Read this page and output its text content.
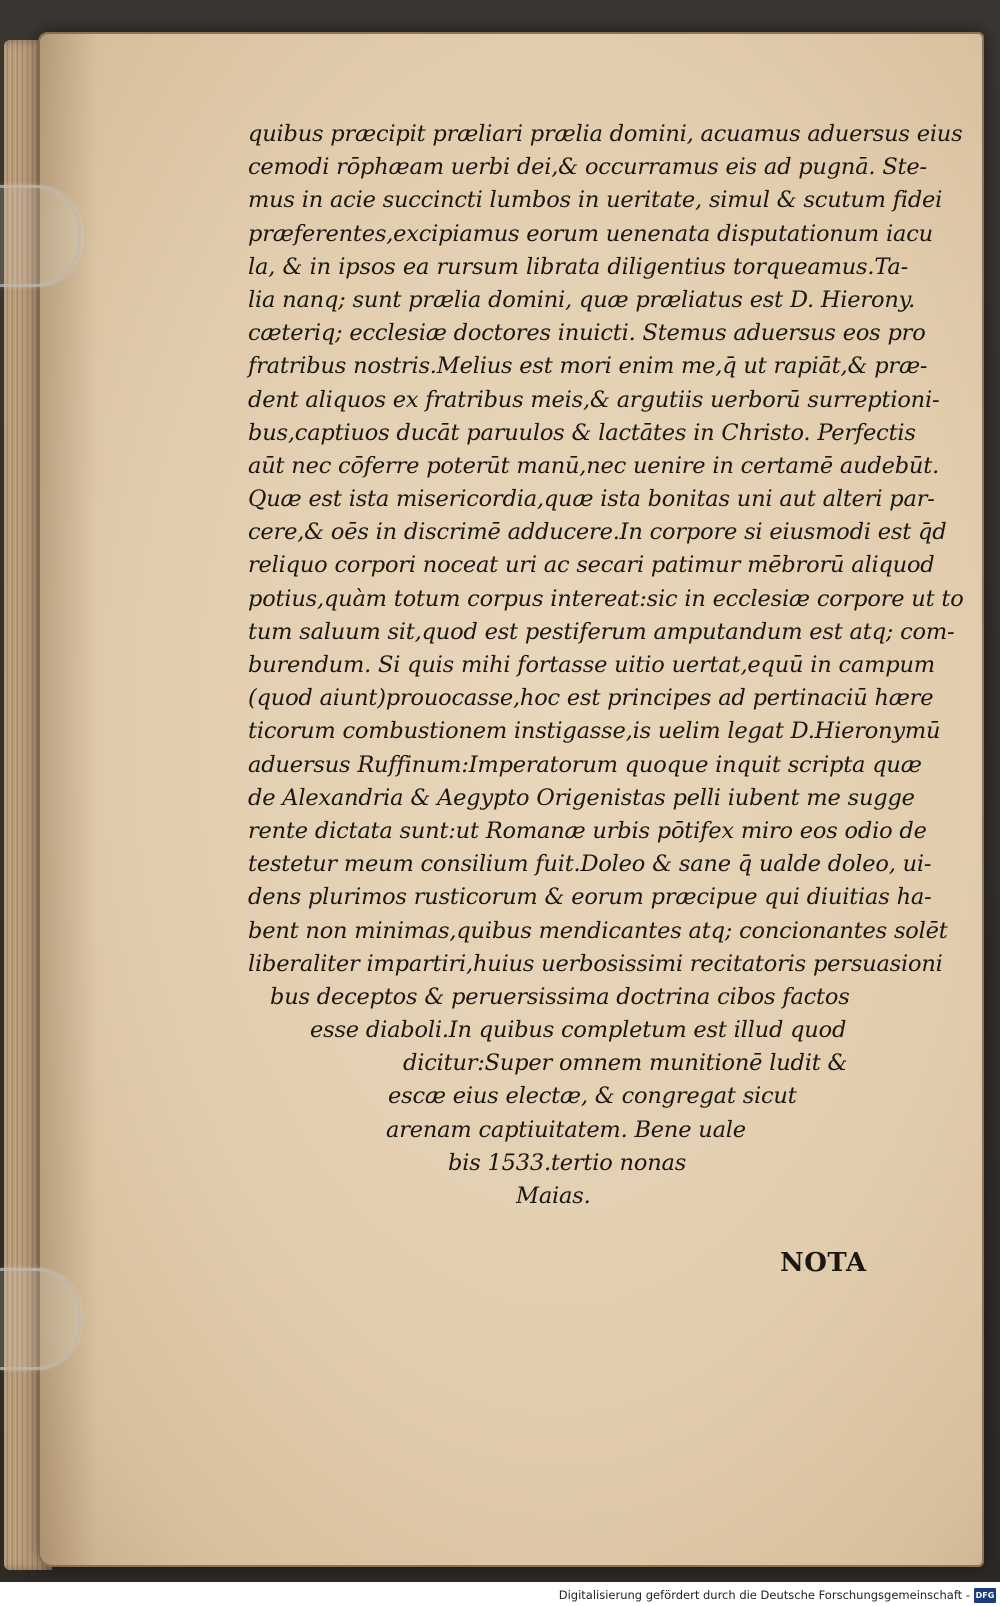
quibus præcipit præliari prælia domini, acuamus aduersus eius
cemodi rōphæam uerbi dei,& occurramus eis ad pugnā. Ste-
mus in acie succincti lumbos in ueritate, simul & scutum fidei
præferentes,excipiamus eorum uenenata disputationum iacu
la, & in ipsos ea rursum librata diligentius torqueamus.Ta-
lia nanq; sunt prælia domini, quæ præliatus est D. Hierony.
cæteriq; ecclesiæ doctores inuicti. Stemus aduersus eos pro
fratribus nostris.Melius est mori enim me,q̄ ut rapiāt,& præ-
dent aliquos ex fratribus meis,& argutiis uerborū surreptioni-
bus,captiuos ducāt paruulos & lactātes in Christo. Perfectis
aūt nec cōferre poterūt manū,nec uenire in certamē audebūt.
Quæ est ista misericordia,quæ ista bonitas uni aut alteri par-
cere,& oēs in discrimē adducere.In corpore si eiusmodi est q̄d
reliquo corpori noceat uri ac secari patimur mēbrorū aliquod
potius,quàm totum corpus intereat:sic in ecclesiæ corpore ut to
tum saluum sit,quod est pestiferum amputandum est atq; com-
burendum. Si quis mihi fortasse uitio uertat,equū in campum
(quod aiunt)prouocasse,hoc est principes ad pertinaciū hære
ticorum combustionem instigasse,is uelim legat D.Hieronymū
aduersus Ruffinum:Imperatorum quoque inquit scripta quæ
de Alexandria & Aegypto Origenistas pelli iubent me sugge
rente dictata sunt:ut Romanæ urbis pōtifex miro eos odio de
testetur meum consilium fuit.Doleo & sane q̄ ualde doleo, ui-
dens plurimos rusticorum & eorum præcipue qui diuitias ha-
bent non minimas,quibus mendicantes atq; concionantes solēt
liberaliter impartiri,huius uerbosissimi recitatoris persuasioni
bus deceptos & peruersissima doctrina cibos factos
esse diaboli.In quibus completum est illud quod
dicitur:Super omnem munitionē ludit &
escæ eius electæ, & congregat sicut
arenam captiuitatem. Bene uale
bis 1533.tertio nonas
Maias.
NOTA
Digitalisierung gefördert durch die Deutsche Forschungsgemeinschaft - DFG
